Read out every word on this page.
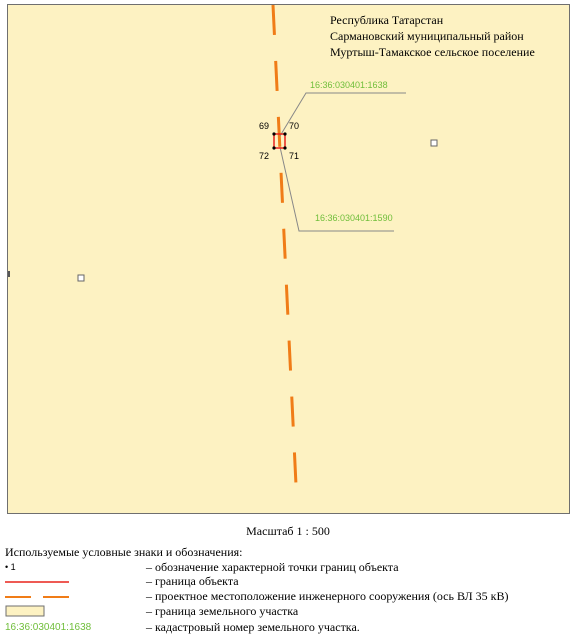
69 70
72 71
16:36:030401:1638
16:36:030401:1590
Республика Татарстан
Сармановский муниципальный район
Муртыш-Тамакское сельское поселение
Масштаб 1 : 500
Используемые условные знаки и обозначения:
• 1	– обозначение характерной точки границ объекта
– граница объекта
– проектное местоположение инженерного сооружения (ось ВЛ 35 кВ)
– граница земельного участка
16:36:030401:1638	– кадастровый номер земельного участка.
